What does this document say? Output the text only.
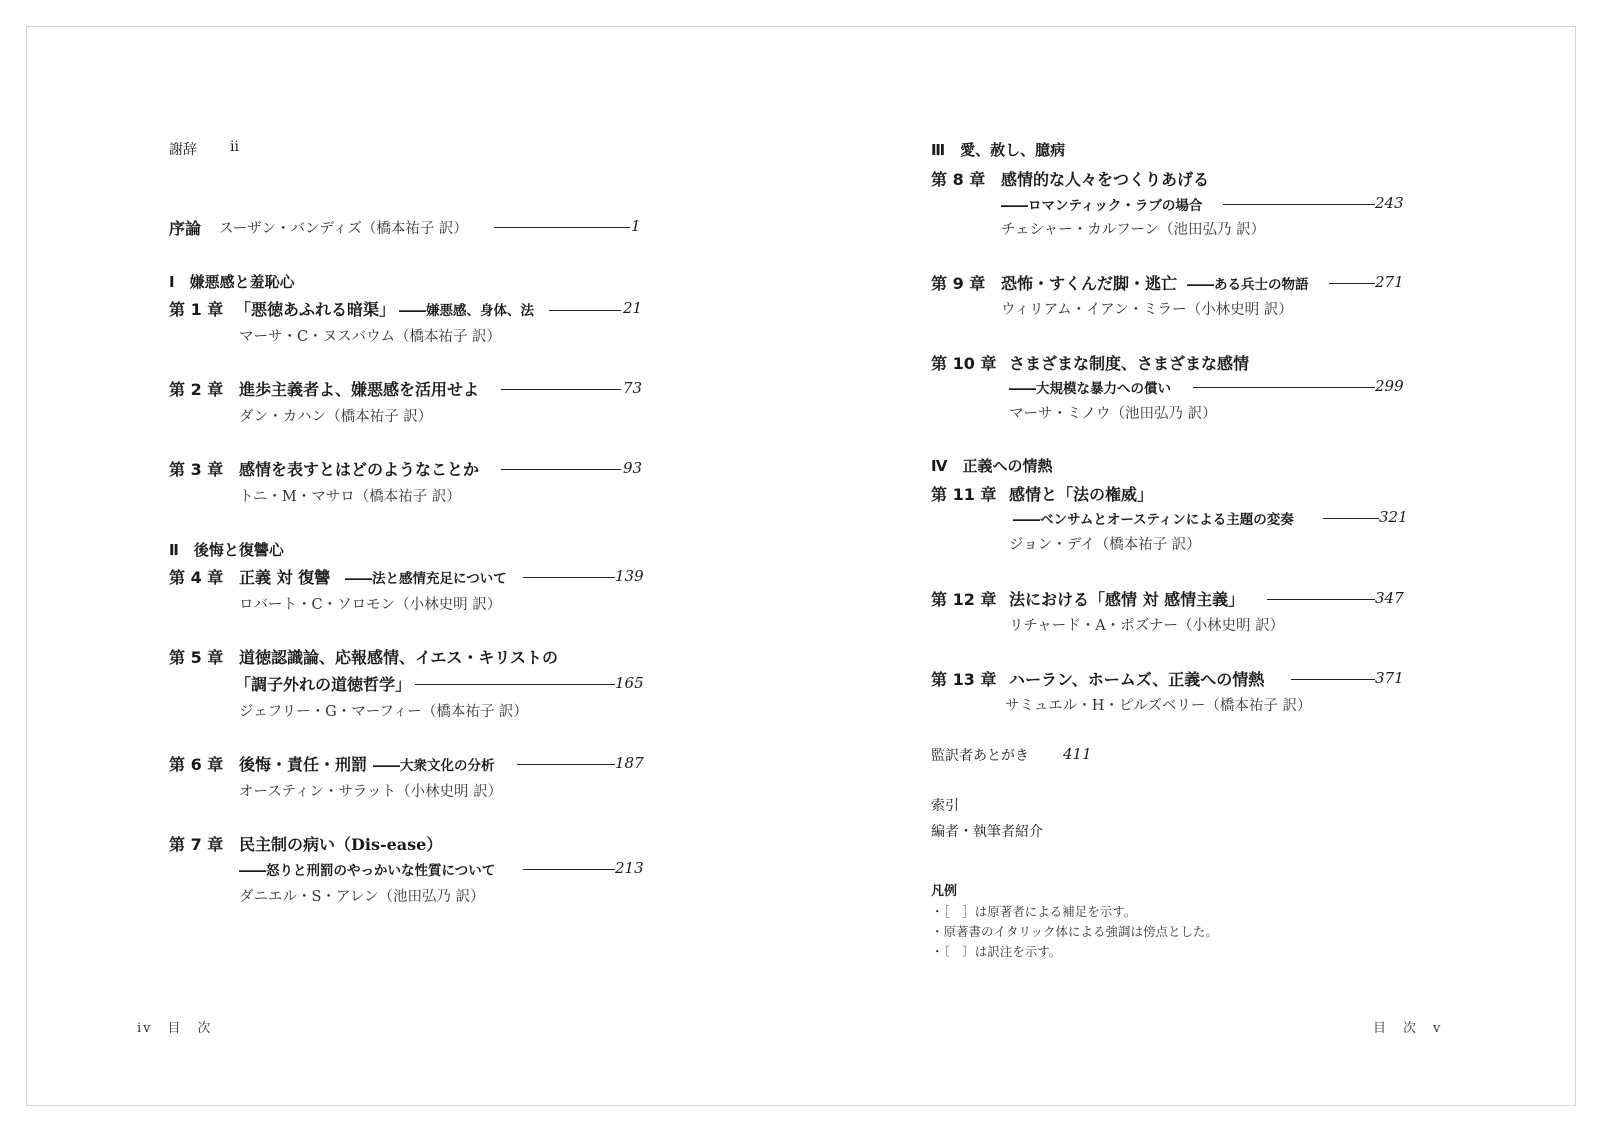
謝辞 ii
序論 スーザン・バンディズ（橋本祐子 訳）	1
Ⅰ　嫌悪感と羞恥心
第 1 章 「悪徳あふれる暗渠」 ――嫌悪感、身体、法	21
マーサ・C・ヌスバウム（橋本祐子 訳）
第 2 章 進歩主義者よ、嫌悪感を活用せよ	73
ダン・カハン（橋本祐子 訳）
第 3 章 感情を表すとはどのようなことか	93
トニ・M・マサロ（橋本祐子 訳）
Ⅱ　後悔と復讐心
第 4 章 正義 対 復讐 ――法と感情充足について	139
ロバート・C・ソロモン（小林史明 訳）
第 5 章 道徳認識論、応報感情、イエス・キリストの
「調子外れの道徳哲学」	165
ジェフリー・G・マーフィー（橋本祐子 訳）
第 6 章 後悔・責任・刑罰 ――大衆文化の分析	187
オースティン・サラット（小林史明 訳）
第 7 章 民主制の病い（Dis-ease）
――怒りと刑罰のやっかいな性質について	213
ダニエル・S・アレン（池田弘乃 訳）
iv　目　次
Ⅲ　愛、赦し、臆病
第 8 章 感情的な人々をつくりあげる
――ロマンティック・ラブの場合	243
チェシャー・カルフーン（池田弘乃 訳）
第 9 章 恐怖・すくんだ脚・逃亡 ――ある兵士の物語	271
ウィリアム・イアン・ミラー（小林史明 訳）
第 10 章 さまざまな制度、さまざまな感情
――大規模な暴力への償い	299
マーサ・ミノウ（池田弘乃 訳）
Ⅳ　正義への情熱
第 11 章 感情と「法の権威」
――ベンサムとオースティンによる主題の変奏	321
ジョン・デイ（橋本祐子 訳）
第 12 章 法における「感情 対 感情主義」	347
リチャード・A・ポズナー（小林史明 訳）
第 13 章 ハーラン、ホームズ、正義への情熱	371
サミュエル・H・ピルズベリー（橋本祐子 訳）
監訳者あとがき 411
索引
編者・執筆者紹介
凡例
・［　］は原著者による補足を示す。
・原著書のイタリック体による強調は傍点とした。
・〔　〕は訳注を示す。
目　次　v
